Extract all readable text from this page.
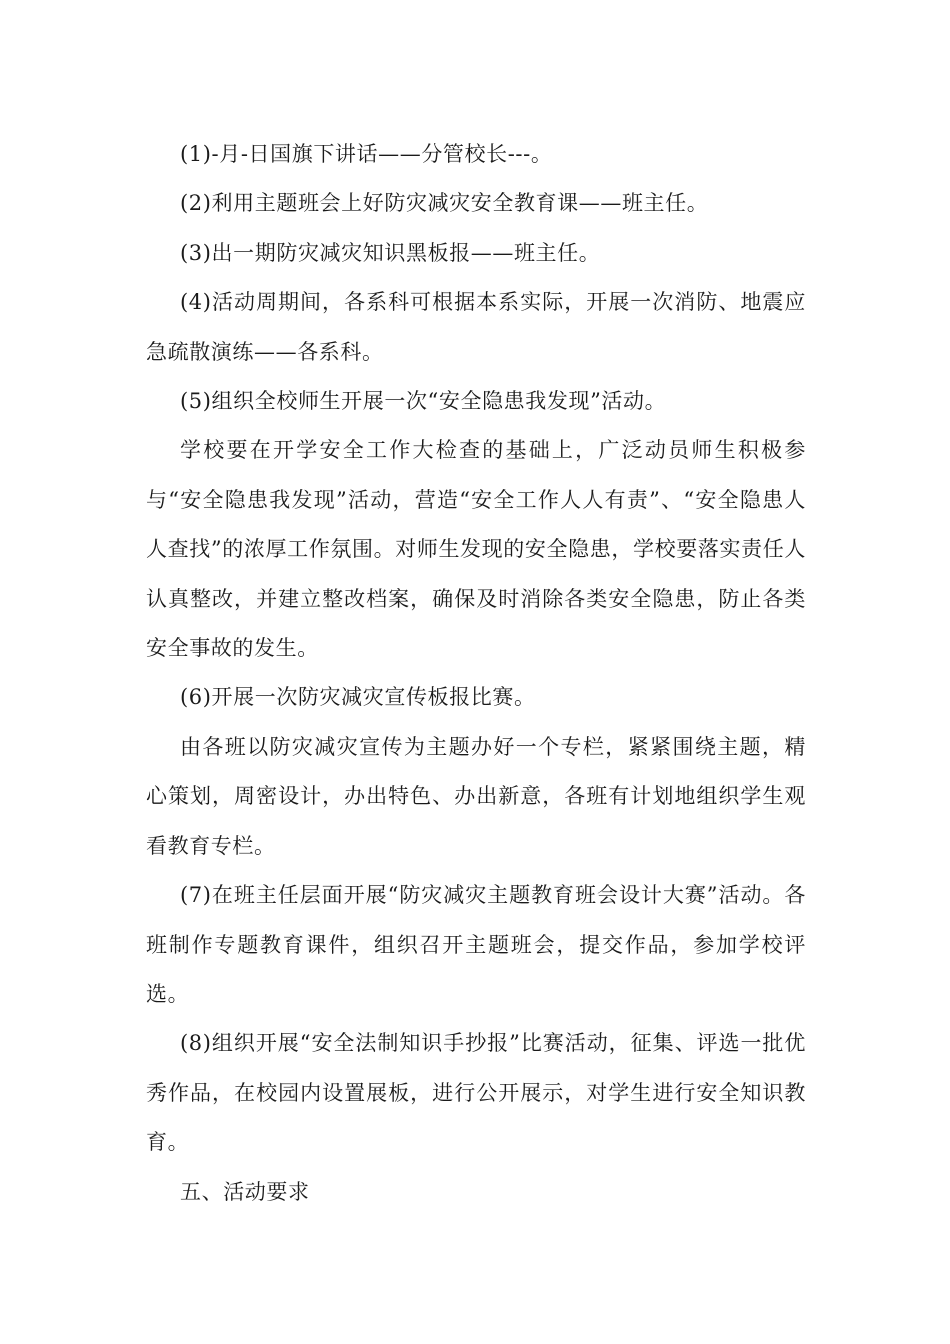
(1)-月-日国旗下讲话——分管校长---。

(2)利用主题班会上好防灾减灾安全教育课——班主任。

(3)出一期防灾减灾知识黑板报——班主任。

(4)活动周期间，各系科可根据本系实际，开展一次消防、地震应急疏散演练——各系科。

(5)组织全校师生开展一次“安全隐患我发现”活动。

学校要在开学安全工作大检查的基础上，广泛动员师生积极参与“安全隐患我发现”活动，营造“安全工作人人有责”、“安全隐患人人查找”的浓厚工作氛围。对师生发现的安全隐患，学校要落实责任人认真整改，并建立整改档案，确保及时消除各类安全隐患，防止各类安全事故的发生。

(6)开展一次防灾减灾宣传板报比赛。

由各班以防灾减灾宣传为主题办好一个专栏，紧紧围绕主题，精心策划，周密设计，办出特色、办出新意，各班有计划地组织学生观看教育专栏。

(7)在班主任层面开展“防灾减灾主题教育班会设计大赛”活动。各班制作专题教育课件，组织召开主题班会，提交作品，参加学校评选。

(8)组织开展“安全法制知识手抄报”比赛活动，征集、评选一批优秀作品，在校园内设置展板，进行公开展示，对学生进行安全知识教育。

五、活动要求
